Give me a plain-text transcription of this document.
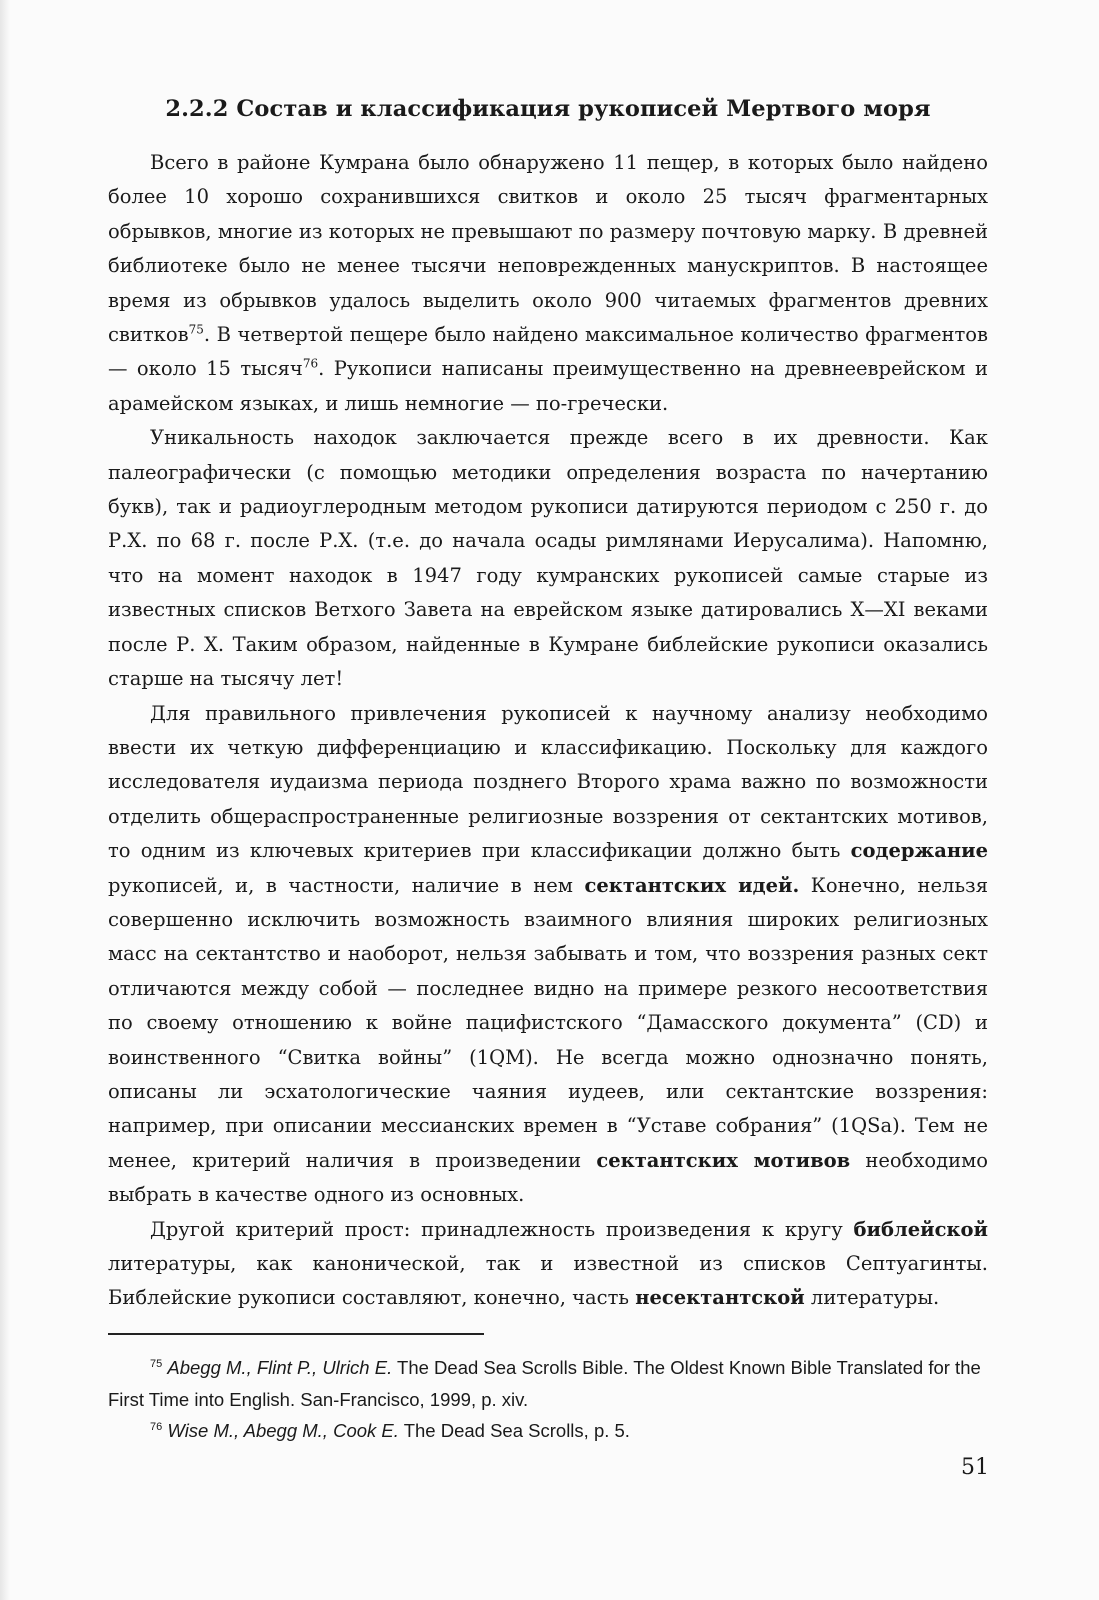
2.2.2 Состав и классификация рукописей Мертвого моря

Всего в районе Кумрана было обнаружено 11 пещер, в которых было найдено более 10 хорошо сохранившихся свитков и около 25 тысяч фрагментарных обрывков, многие из которых не превышают по размеру почтовую марку. В древней библиотеке было не менее тысячи неповрежденных манускриптов. В настоящее время из обрывков удалось выделить около 900 читаемых фрагментов древних свитков$^{75}$. В четвертой пещере было найдено максимальное количество фрагментов — около 15 тысяч$^{76}$. Рукописи написаны преимущественно на древнееврейском и арамейском языках, и лишь немногие — по-гречески.

Уникальность находок заключается прежде всего в их древности. Как палеографически (с помощью методики определения возраста по начертанию букв), так и радиоуглеродным методом рукописи датируются периодом с 250 г. до Р.Х. по 68 г. после Р.Х. (т.е. до начала осады римлянами Иерусалима). Напомню, что на момент находок в 1947 году кумранских рукописей самые старые из известных списков Ветхого Завета на еврейском языке датировались X—XI веками после Р. Х. Таким образом, найденные в Кумране библейские рукописи оказались старше на тысячу лет!

Для правильного привлечения рукописей к научному анализу необходимо ввести их четкую дифференциацию и классификацию. Поскольку для каждого исследователя иудаизма периода позднего Второго храма важно по возможности отделить общераспространенные религиозные воззрения от сектантских мотивов, то одним из ключевых критериев при классификации должно быть содержание рукописей, и, в частности, наличие в нем сектантских идей. Конечно, нельзя совершенно исключить возможность взаимного влияния широких религиозных масс на сектантство и наоборот, нельзя забывать и том, что воззрения разных сект отличаются между собой — последнее видно на примере резкого несоответствия по своему отношению к войне пацифистского “Дамасского документа” (CD) и воинственного “Свитка войны” (1QM). Не всегда можно однозначно понять, описаны ли эсхатологические чаяния иудеев, или сектантские воззрения: например, при описании мессианских времен в “Уставе собрания” (1QSa). Тем не менее, критерий наличия в произведении сектантских мотивов необходимо выбрать в качестве одного из основных.

Другой критерий прост: принадлежность произведения к кругу библейской литературы, как канонической, так и известной из списков Септуагинты. Библейские рукописи составляют, конечно, часть несектантской литературы.

$^{75}$ Abegg M., Flint P., Ulrich E. The Dead Sea Scrolls Bible. The Oldest Known Bible Translated for the First Time into English. San-Francisco, 1999, p. xiv.

$^{76}$ Wise M., Abegg M., Cook E. The Dead Sea Scrolls, p. 5.

51
